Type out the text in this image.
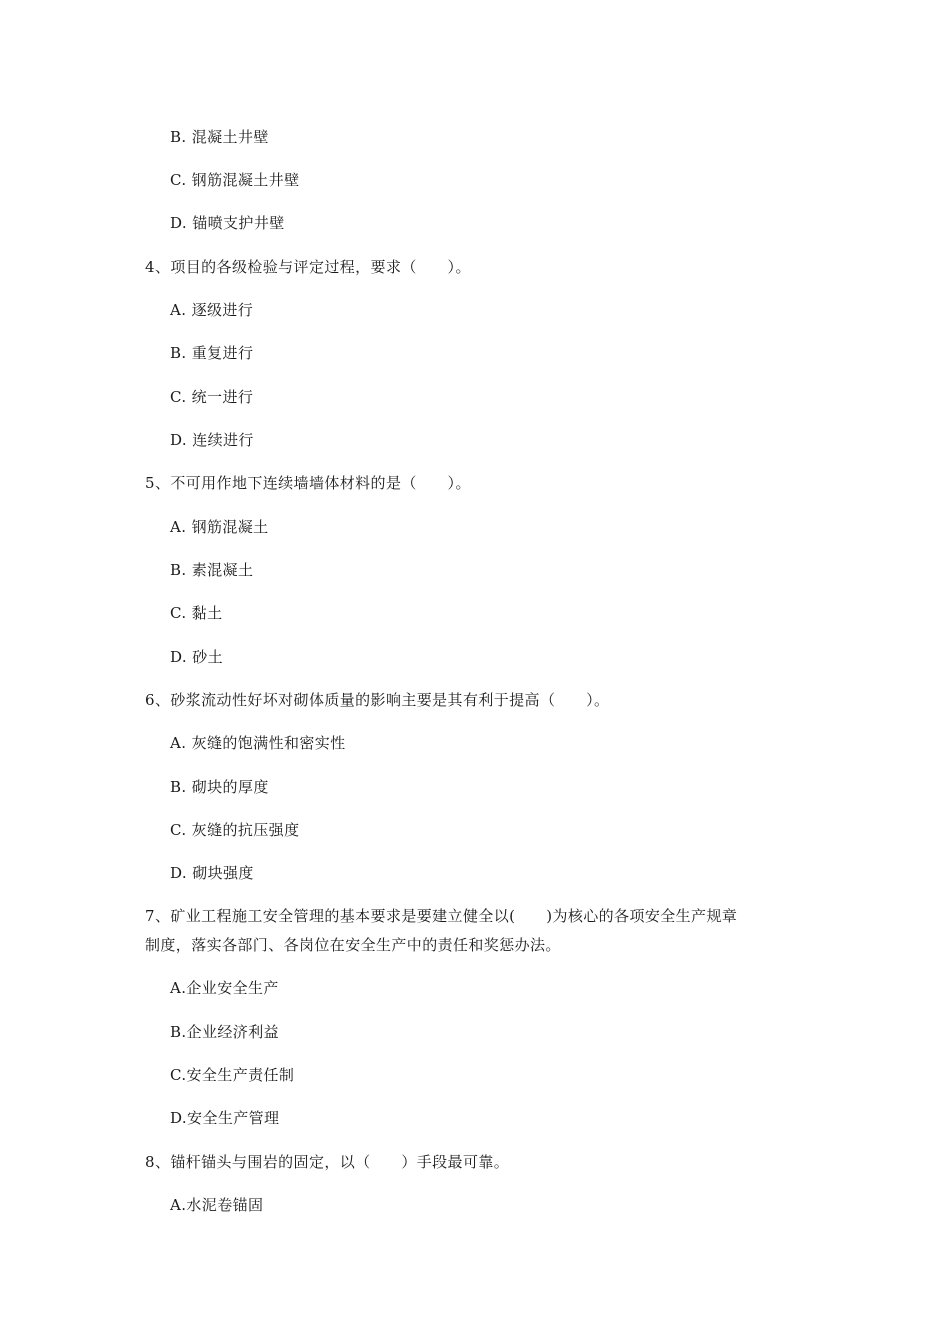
B. 混凝土井壁
C. 钢筋混凝土井壁
D. 锚喷支护井壁
4、项目的各级检验与评定过程，要求（　　）。
A. 逐级进行
B. 重复进行
C. 统一进行
D. 连续进行
5、不可用作地下连续墙墙体材料的是（　　）。
A. 钢筋混凝土
B. 素混凝土
C. 黏土
D. 砂土
6、砂浆流动性好坏对砌体质量的影响主要是其有利于提高（　　）。
A. 灰缝的饱满性和密实性
B. 砌块的厚度
C. 灰缝的抗压强度
D. 砌块强度
7、矿业工程施工安全管理的基本要求是要建立健全以(　　)为核心的各项安全生产规章
制度，落实各部门、各岗位在安全生产中的责任和奖惩办法。
A.企业安全生产
B.企业经济利益
C.安全生产责任制
D.安全生产管理
8、锚杆锚头与围岩的固定，以（　　）手段最可靠。
A.水泥卷锚固
